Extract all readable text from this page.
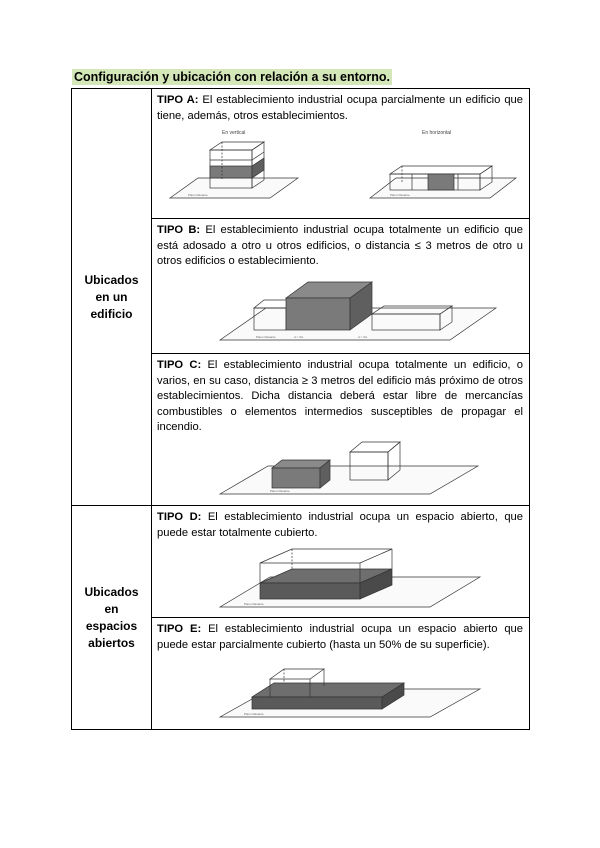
Configuración y ubicación con relación a su entorno.
Ubicados
en un
edificio	TIPO A: El establecimiento industrial ocupa parcialmente un edificio que tiene, además, otros establecimientos.

En vertical En horizontal
Plano Rasante Plano Rasante

	TIPO B: El establecimiento industrial ocupa totalmente un edificio que está adosado a otro u otros edificios, o distancia ≤ 3 metros de otro u otros edificios o establecimiento.

Plano Rasante d < 3m d < 3m

	TIPO C: El establecimiento industrial ocupa totalmente un edificio, o varios, en su caso, distancia ≥ 3 metros del edificio más próximo de otros establecimientos. Dicha distancia deberá estar libre de mercancías combustibles o elementos intermedios susceptibles de propagar el incendio.

Plano Rasante

Ubicados
en
espacios
abiertos	TIPO D: El establecimiento industrial ocupa un espacio abierto, que puede estar totalmente cubierto.

Plano Rasante

	TIPO E: El establecimiento industrial ocupa un espacio abierto que puede estar parcialmente cubierto (hasta un 50% de su superficie).

Plano Rasante
